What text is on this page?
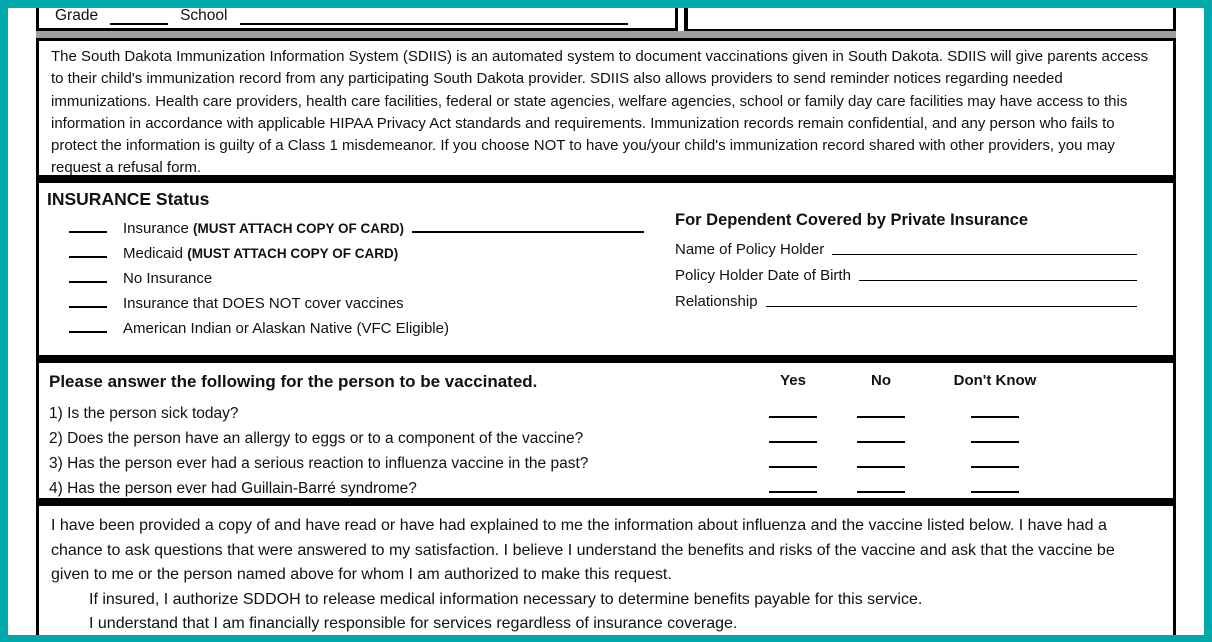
Grade	School
The South Dakota Immunization Information System (SDIIS) is an automated system to document vaccinations given in South Dakota. SDIIS will give parents access to their child's immunization record from any participating South Dakota provider. SDIIS also allows providers to send reminder notices regarding needed immunizations. Health care providers, health care facilities, federal or state agencies, welfare agencies, school or family day care facilities may have access to this information in accordance with applicable HIPAA Privacy Act standards and requirements. Immunization records remain confidential, and any person who fails to protect the information is guilty of a Class 1 misdemeanor. If you choose NOT to have you/your child's immunization record shared with other providers, you may request a refusal form.
INSURANCE Status
Insurance (MUST ATTACH COPY OF CARD)
Medicaid (MUST ATTACH COPY OF CARD)
No Insurance
Insurance that DOES NOT cover vaccines
American Indian or Alaskan Native (VFC Eligible)
For Dependent Covered by Private Insurance
Name of Policy Holder
Policy Holder Date of Birth
Relationship
Please answer the following for the person to be vaccinated.	Yes	No	Don't Know
1) Is the person sick today?
2) Does the person have an allergy to eggs or to a component of the vaccine?
3) Has the person ever had a serious reaction to influenza vaccine in the past?
4) Has the person ever had Guillain-Barré syndrome?
I have been provided a copy of and have read or have had explained to me the information about influenza and the vaccine listed below. I have had a chance to ask questions that were answered to my satisfaction. I believe I understand the benefits and risks of the vaccine and ask that the vaccine be given to me or the person named above for whom I am authorized to make this request.
If insured, I authorize SDDOH to release medical information necessary to determine benefits payable for this service.
I understand that I am financially responsible for services regardless of insurance coverage.
